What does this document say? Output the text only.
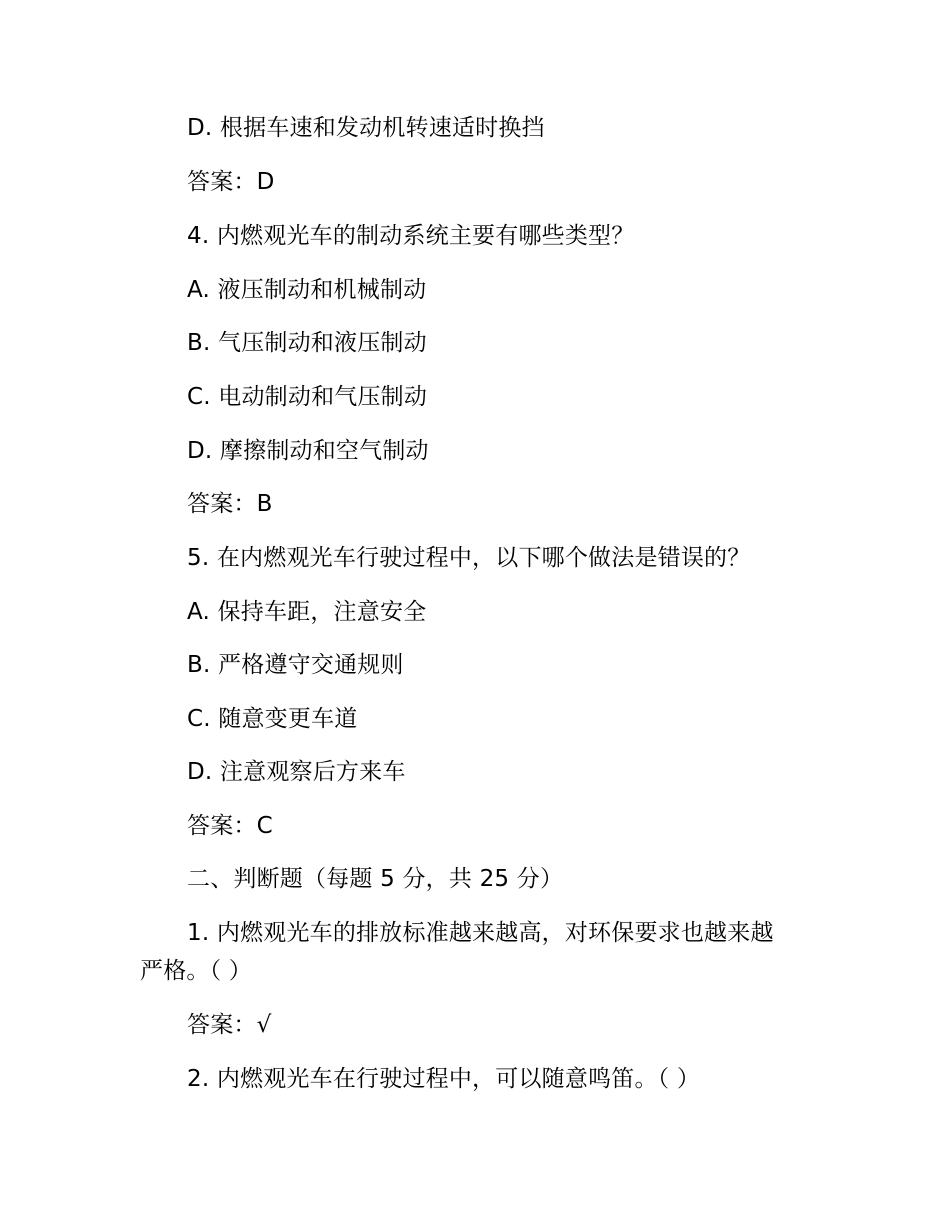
D. 根据车速和发动机转速适时换挡
答案：D
4. 内燃观光车的制动系统主要有哪些类型？
A. 液压制动和机械制动
B. 气压制动和液压制动
C. 电动制动和气压制动
D. 摩擦制动和空气制动
答案：B
5. 在内燃观光车行驶过程中，以下哪个做法是错误的？
A. 保持车距，注意安全
B. 严格遵守交通规则
C. 随意变更车道
D. 注意观察后方来车
答案：C
二、判断题（每题 5 分，共 25 分）
1. 内燃观光车的排放标准越来越高，对环保要求也越来越
严格。（ ）
答案：√
2. 内燃观光车在行驶过程中，可以随意鸣笛。（ ）
